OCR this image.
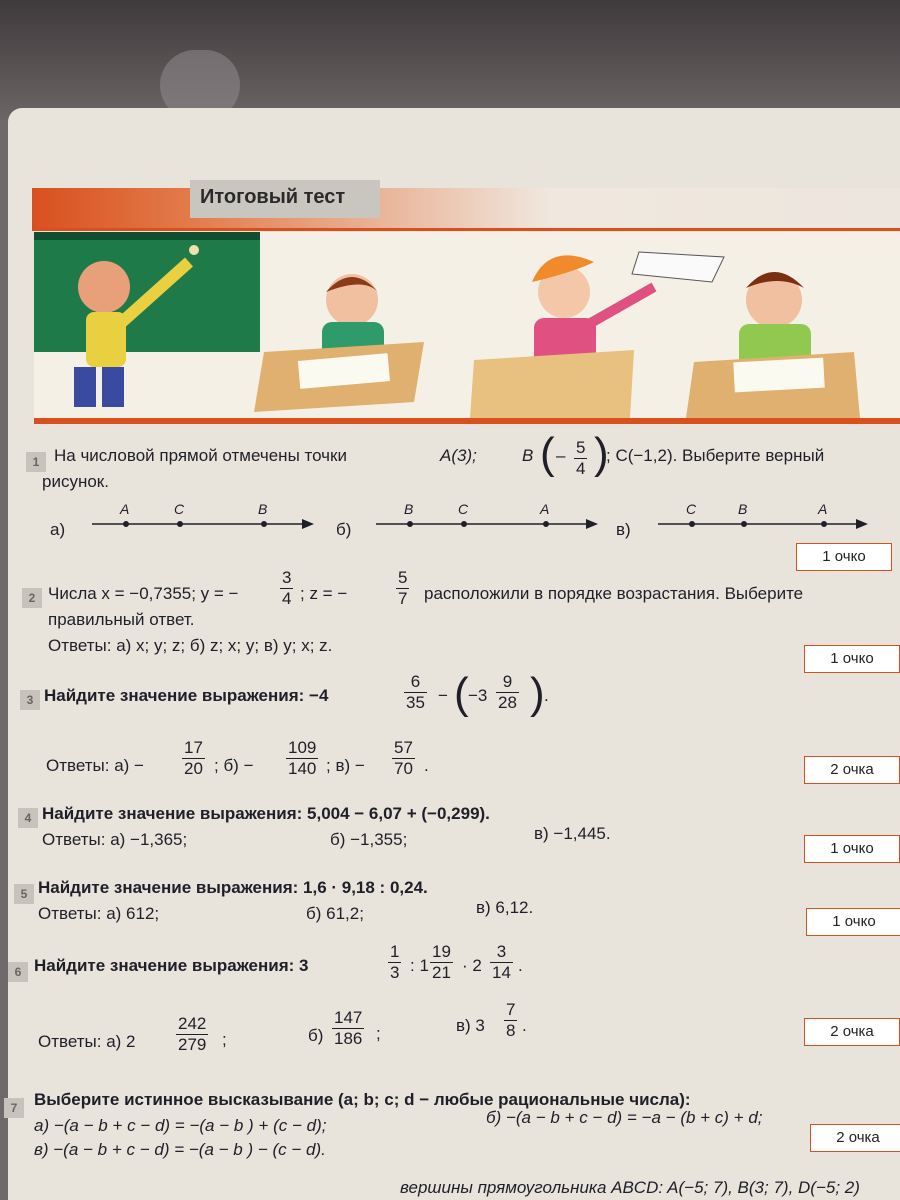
Итоговый тест
1 На числовой прямой отмечены точки	A(3);	B ( – $\frac{5}{4}$ )
; C(−1,2). Выберите верный
рисунок.
а)
A	C	B
б)
B	C	A
в)
C	B	A
1 очко
2 Числа x = −0,7355; y = − $\frac{3}{4}$ ; z = −	$\frac{5}{7}$ расположили в порядке возрастания. Выберите
правильный ответ.
Ответы: а) x; y; z; б) z; x; y; в) y; x; z.
1 очко
3 Найдите значение выражения: −4	$\frac{6}{35}$ − ( $-3 \frac{9}{28}$ ) .
Ответы: $а) - \frac{17}{20}$ ; $б) - \frac{109}{140}$ ; $в) - \frac{57}{70}$ .	2 очка
4 Найдите значение выражения: 5,004 − 6,07 + (−0,299).
Ответы: а) −1,365;	б) −1,355;	в) −1,445.
1 очко
5 Найдите значение выражения: 1,6 · 9,18 : 0,24.
Ответы: а) 612;	б) 61,2;	в) 6,12.
1 очко
6 Найдите значение выражения: 3	$\frac{1}{3}$ : $1 \frac{19}{21} \cdot 2 \frac{3}{14}$ .
Ответы: а) $2 \frac{242}{279}$ ;	$б) \frac{147}{186}$ ;	в) $3 \frac{7}{8}$ .	2 очка
7 Выберите истинное высказывание (a; b; c; d − любые рациональные числа):
а) −(a − b + c − d) = −(a − b ) + (c − d);	б) −(a − b + c − d) = −a − (b + c) + d;
в) −(a − b + c − d) = −(a − b ) − (c − d).
2 очка
вершины прямоугольника ABCD: A(−5; 7), B(3; 7), D(−5; 2)
